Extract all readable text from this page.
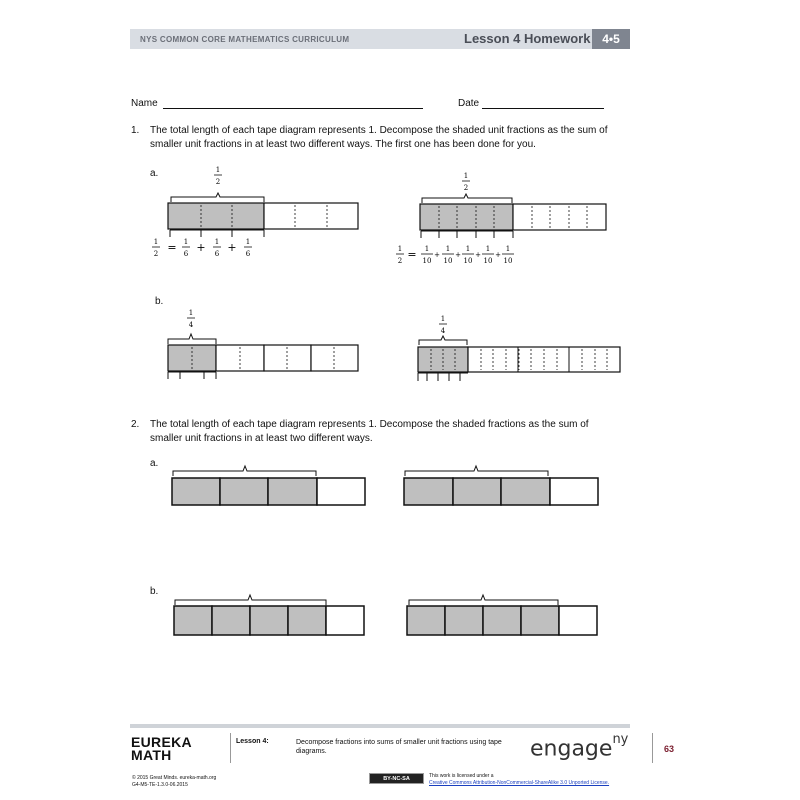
NYS COMMON CORE MATHEMATICS CURRICULUM	Lesson 4 Homework 4•5
Name	Date
1. The total length of each tape diagram represents 1. Decompose the shaded unit fractions as the sum of
smaller unit fractions in at least two different ways. The first one has been done for you.
a.
b.
2. The total length of each tape diagram represents 1. Decompose the shaded fractions as the sum of
smaller unit fractions in at least two different ways.
a.
b.
1
2
1
2 = 1
6 + 1
6 + 1
6
1
2
1
2 = 1
10
+
1
10
+
1
10
+
1
10
+
1
10
1
4
1
4
EUREKA
MATH
Lesson 4:	Decompose fractions into sums of smaller unit fractions using tape diagrams.	engage$^{ny}$
63
© 2015 Great Minds. eureka-math.org
G4-M5-TE-1.3.0-06.2015
BY-NC-SA	This work is licensed under a
Creative Commons Attribution-NonCommercial-ShareAlike 3.0 Unported License.
